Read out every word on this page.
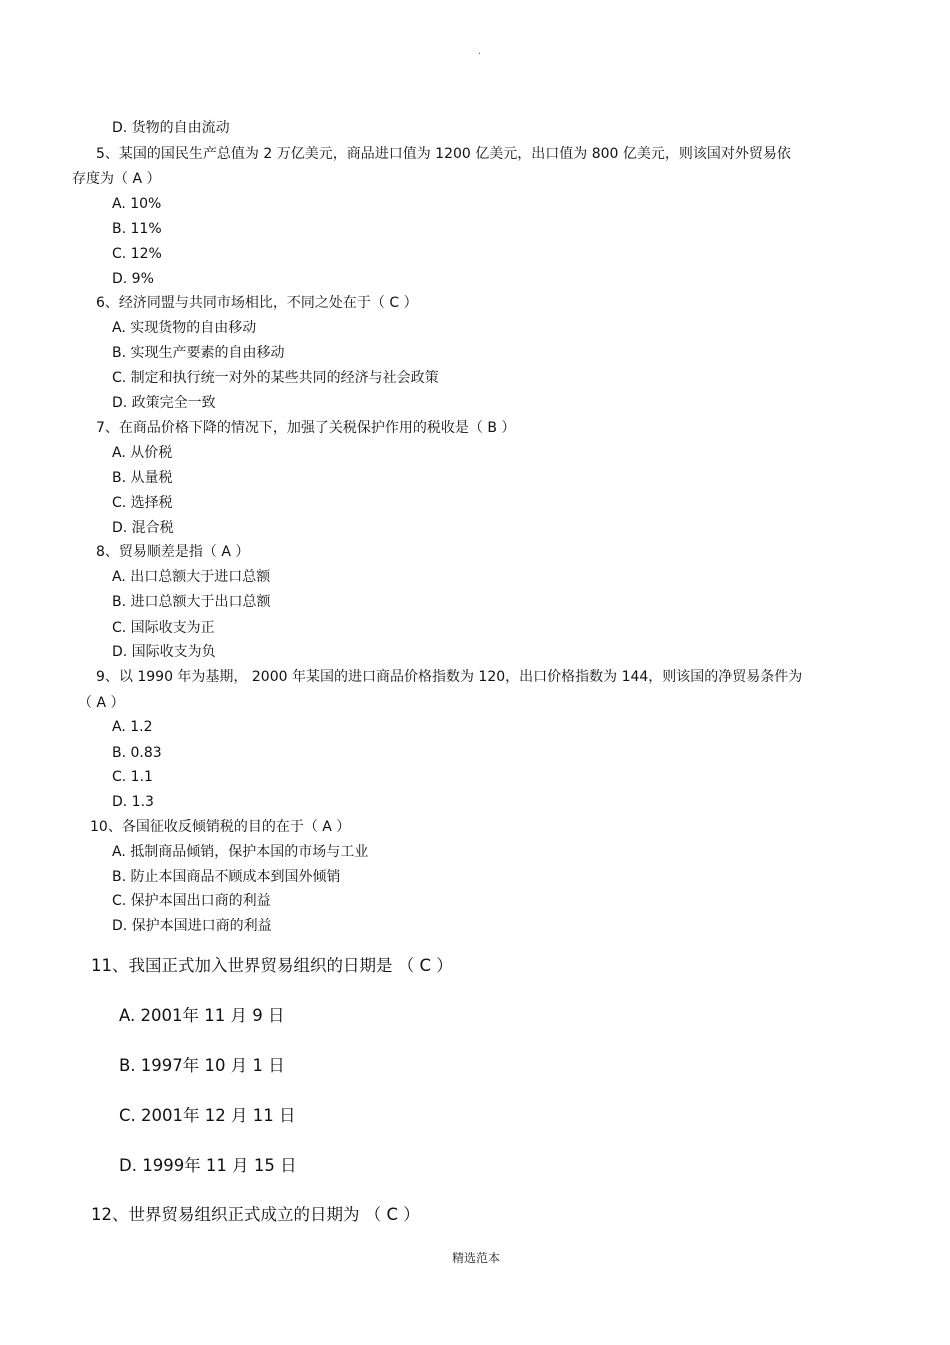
.
D. 货物的自由流动
5、某国的国民生产总值为 2 万亿美元，商品进口值为 1200 亿美元，出口值为 800 亿美元，则该国对外贸易依
存度为（ A ）
A. 10%
B. 11%
C. 12%
D. 9%
6、经济同盟与共同市场相比，不同之处在于（ C ）
A. 实现货物的自由移动
B. 实现生产要素的自由移动
C. 制定和执行统一对外的某些共同的经济与社会政策
D. 政策完全一致
7、在商品价格下降的情况下，加强了关税保护作用的税收是（ B ）
A. 从价税
B. 从量税
C. 选择税
D. 混合税
8、贸易顺差是指（ A ）
A. 出口总额大于进口总额
B. 进口总额大于出口总额
C. 国际收支为正
D. 国际收支为负
9、以 1990 年为基期， 2000 年某国的进口商品价格指数为 120，出口价格指数为 144，则该国的净贸易条件为
（ A ）
A. 1.2
B. 0.83
C. 1.1
D. 1.3
10、各国征收反倾销税的目的在于（ A ）
A. 抵制商品倾销，保护本国的市场与工业
B. 防止本国商品不顾成本到国外倾销
C. 保护本国出口商的利益
D. 保护本国进口商的利益
11、我国正式加入世界贸易组织的日期是 （ C ）
A. 2001年 11 月 9 日
B. 1997年 10 月 1 日
C. 2001年 12 月 11 日
D. 1999年 11 月 15 日
12、世界贸易组织正式成立的日期为 （ C ）
精选范本
